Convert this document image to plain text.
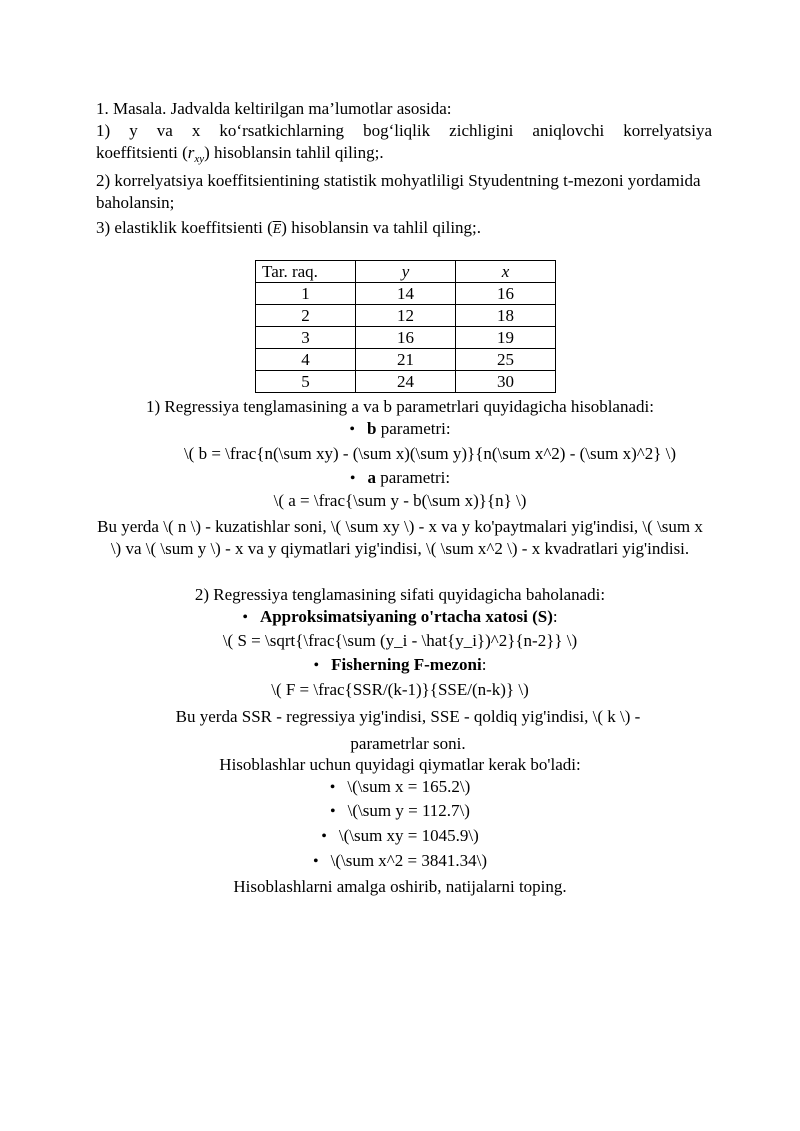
1. Masala. Jadvalda keltirilgan ma’lumotlar asosida:

1) y va x ko‘rsatkichlarning bog‘liqlik zichligini aniqlovchi korrelyatsiya

koeffitsienti $(r_{xy})$ hisoblansin tahlil qiling;.

2) korrelyatsiya koeffitsientining statistik mohyatliligi Styudentning t-mezoni yordamida baholansin;

3) elastiklik koeffitsienti $(\overline{E})$ hisoblansin va tahlil qiling;.

Tar. raq.	y	x
1	14	16
2	12	18
3	16	19
4	21	25
5	24	30
1) Regressiya tenglamasining a va b parametrlari quyidagicha hisoblanadi:
• b parametri:
\( b = \frac{n(\sum xy) - (\sum x)(\sum y)}{n(\sum x^2) - (\sum x)^2} \)
• a parametri:
\( a = \frac{\sum y - b(\sum x)}{n} \)
Bu yerda \( n \) - kuzatishlar soni, \( \sum xy \) - x va y ko'paytmalari yig'indisi, \( \sum x \) va \( \sum y \) - x va y qiymatlari yig'indisi, \( \sum x^2 \) - x kvadratlari yig'indisi.
2) Regressiya tenglamasining sifati quyidagicha baholanadi:
• Approksimatsiyaning o'rtacha xatosi (S):
\( S = \sqrt{\frac{\sum (y_i - \hat{y_i})^2}{n-2}} \)
• Fisherning F-mezoni:
\( F = \frac{SSR/(k-1)}{SSE/(n-k)} \)
Bu yerda SSR - regressiya yig'indisi, SSE - qoldiq yig'indisi, \( k \) - parametrlar soni.
Hisoblashlar uchun quyidagi qiymatlar kerak bo'ladi:
• \(\sum x = 165.2\)
• \(\sum y = 112.7\)
• \(\sum xy = 1045.9\)
• \(\sum x^2 = 3841.34\)
Hisoblashlarni amalga oshirib, natijalarni toping.
